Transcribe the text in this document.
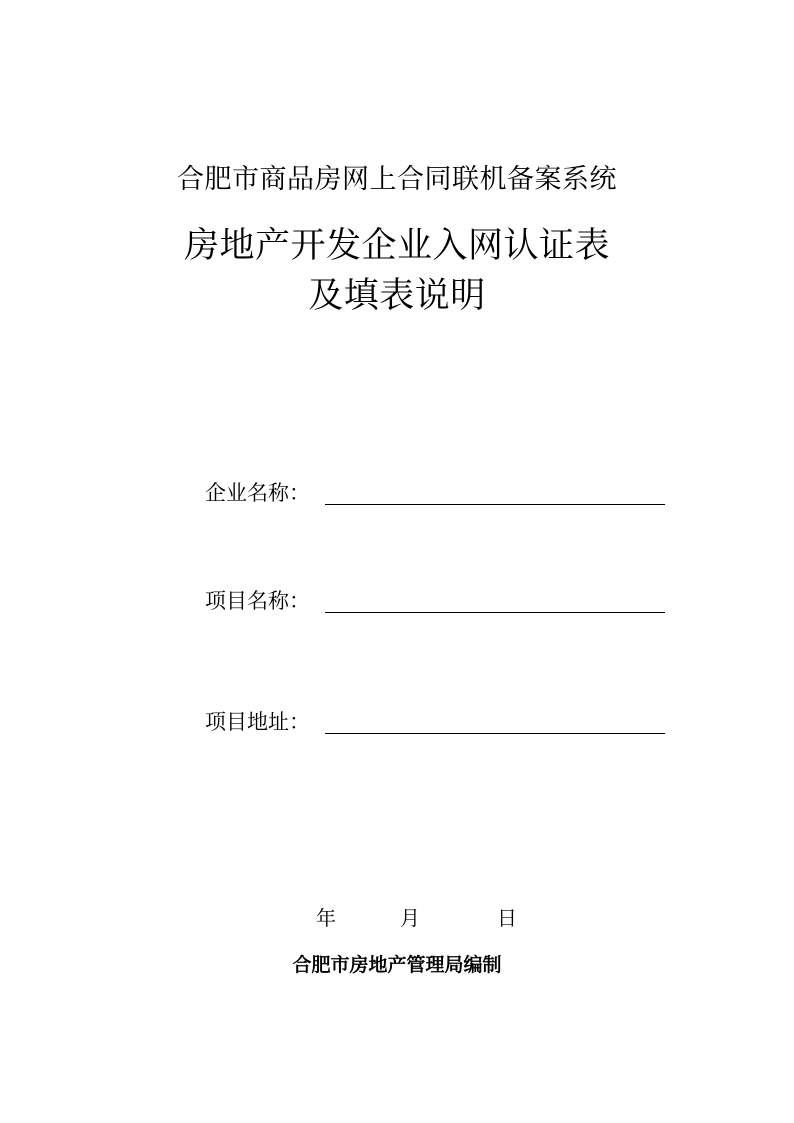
合肥市商品房网上合同联机备案系统
房地产开发企业入网认证表
及填表说明
企业名称：
项目名称：
项目地址：
年	月	日
合肥市房地产管理局编制
